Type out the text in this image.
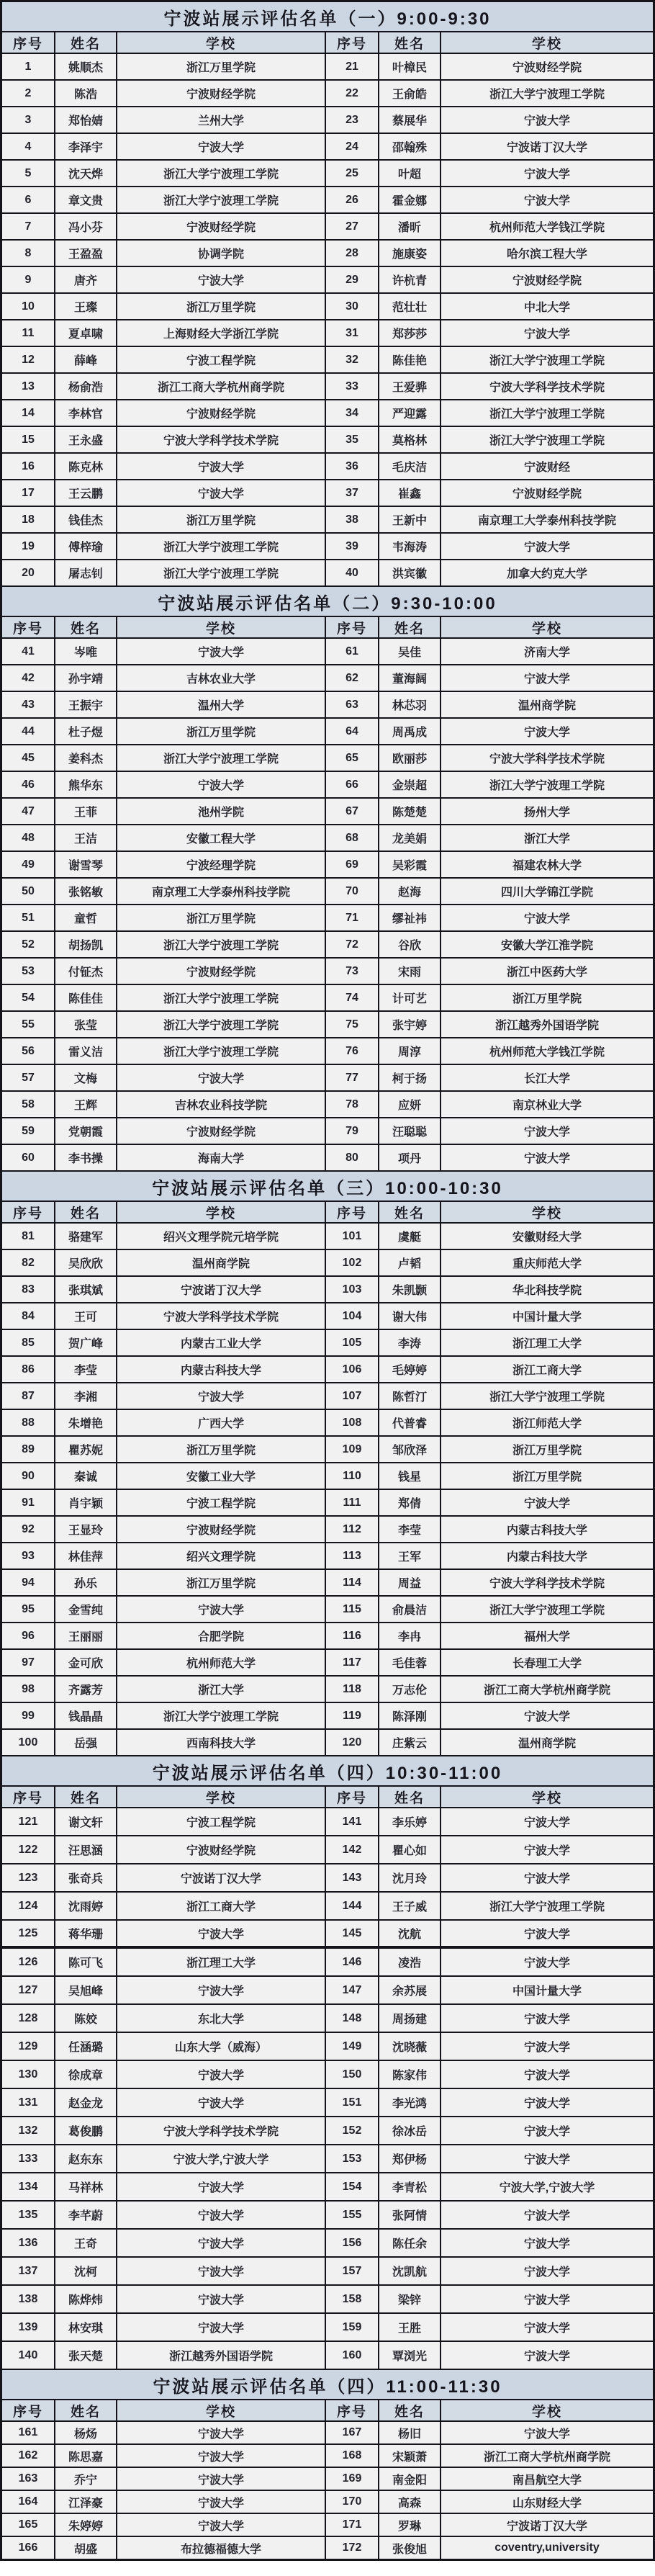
宁波站展示评估名单（一）9:00-9:30
序号	姓名	学校	序号	姓名	学校
1	姚顺杰	浙江万里学院	21	叶樟民	宁波财经学院
2	陈浩	宁波财经学院	22	王俞皓	浙江大学宁波理工学院
3	郑怡婧	兰州大学	23	蔡展华	宁波大学
4	李泽宇	宁波大学	24	邵翰殊	宁波诺丁汉大学
5	沈天烨	浙江大学宁波理工学院	25	叶超	宁波大学
6	章文贵	浙江大学宁波理工学院	26	霍金娜	宁波大学
7	冯小芬	宁波财经学院	27	潘昕	杭州师范大学钱江学院
8	王盈盈	协调学院	28	施康姿	哈尔滨工程大学
9	唐齐	宁波大学	29	许杭青	宁波财经学院
10	王璨	浙江万里学院	30	范壮壮	中北大学
11	夏卓啸	上海财经大学浙江学院	31	郑莎莎	宁波大学
12	薛峰	宁波工程学院	32	陈佳艳	浙江大学宁波理工学院
13	杨俞浩	浙江工商大学杭州商学院	33	王爱骅	宁波大学科学技术学院
14	李林官	宁波财经学院	34	严迎露	浙江大学宁波理工学院
15	王永盛	宁波大学科学技术学院	35	莫格林	浙江大学宁波理工学院
16	陈克林	宁波大学	36	毛庆洁	宁波财经
17	王云鹏	宁波大学	37	崔鑫	宁波财经学院
18	钱佳杰	浙江万里学院	38	王新中	南京理工大学泰州科技学院
19	傅梓瑜	浙江大学宁波理工学院	39	韦海涛	宁波大学
20	屠志钊	浙江大学宁波理工学院	40	洪宾徽	加拿大约克大学
宁波站展示评估名单（二）9:30-10:00
序号	姓名	学校	序号	姓名	学校
41	岑唯	宁波大学	61	吴佳	济南大学
42	孙宇靖	吉林农业大学	62	董海阔	宁波大学
43	王振宇	温州大学	63	林芯羽	温州商学院
44	杜子煜	浙江万里学院	64	周禹成	宁波大学
45	姜科杰	浙江大学宁波理工学院	65	欧丽莎	宁波大学科学技术学院
46	熊华东	宁波大学	66	金崇超	浙江大学宁波理工学院
47	王菲	池州学院	67	陈楚楚	扬州大学
48	王洁	安徽工程大学	68	龙美娟	浙江大学
49	谢雪琴	宁波经理学院	69	吴彩霞	福建农林大学
50	张铭敏	南京理工大学泰州科技学院	70	赵海	四川大学锦江学院
51	童哲	浙江万里学院	71	缪祉祎	宁波大学
52	胡扬凯	浙江大学宁波理工学院	72	谷欣	安徽大学江淮学院
53	付钲杰	宁波财经学院	73	宋雨	浙江中医药大学
54	陈佳佳	浙江大学宁波理工学院	74	计可艺	浙江万里学院
55	张莹	浙江大学宁波理工学院	75	张宇婷	浙江越秀外国语学院
56	雷义洁	浙江大学宁波理工学院	76	周淳	杭州师范大学钱江学院
57	文梅	宁波大学	77	柯于扬	长江大学
58	王辉	吉林农业科技学院	78	应妍	南京林业大学
59	党朝霞	宁波财经学院	79	汪聪聪	宁波大学
60	李书操	海南大学	80	项丹	宁波大学
宁波站展示评估名单（三）10:00-10:30
序号	姓名	学校	序号	姓名	学校
81	骆建军	绍兴文理学院元培学院	101	虞艇	安徽财经大学
82	吴欣欣	温州商学院	102	卢韬	重庆师范大学
83	张琪斌	宁波诺丁汉大学	103	朱凯颢	华北科技学院
84	王可	宁波大学科学技术学院	104	谢大伟	中国计量大学
85	贺广峰	内蒙古工业大学	105	李涛	浙江理工大学
86	李莹	内蒙古科技大学	106	毛婷婷	浙江工商大学
87	李湘	宁波大学	107	陈哲汀	浙江大学宁波理工学院
88	朱增艳	广西大学	108	代普睿	浙江师范大学
89	瞿苏妮	浙江万里学院	109	邹欣泽	浙江万里学院
90	秦诚	安徽工业大学	110	钱星	浙江万里学院
91	肖宇颖	宁波工程学院	111	郑倩	宁波大学
92	王显玲	宁波财经学院	112	李莹	内蒙古科技大学
93	林佳萍	绍兴文理学院	113	王军	内蒙古科技大学
94	孙乐	浙江万里学院	114	周益	宁波大学科学技术学院
95	金雪纯	宁波大学	115	俞晨洁	浙江大学宁波理工学院
96	王丽丽	合肥学院	116	李冉	福州大学
97	金可欣	杭州师范大学	117	毛佳蓉	长春理工大学
98	齐露芳	浙江大学	118	万志伦	浙江工商大学杭州商学院
99	钱晶晶	浙江大学宁波理工学院	119	陈泽刚	宁波大学
100	岳强	西南科技大学	120	庄紫云	温州商学院
宁波站展示评估名单（四）10:30-11:00
序号	姓名	学校	序号	姓名	学校
121	谢文轩	宁波工程学院	141	李乐婷	宁波大学
122	汪思涵	宁波财经学院	142	瞿心如	宁波大学
123	张奇兵	宁波诺丁汉大学	143	沈月玲	宁波大学
124	沈雨婷	浙江工商大学	144	王子威	浙江大学宁波理工学院
125	蒋华珊	宁波大学	145	沈航	宁波大学
126	陈可飞	浙江理工大学	146	凌浩	宁波大学
127	吴旭峰	宁波大学	147	余苏展	中国计量大学
128	陈姣	东北大学	148	周扬建	宁波大学
129	任涵璐	山东大学（威海）	149	沈晓薇	宁波大学
130	徐成章	宁波大学	150	陈家伟	宁波大学
131	赵金龙	宁波大学	151	李光鸿	宁波大学
132	葛俊鹏	宁波大学科学技术学院	152	徐冰岳	宁波大学
133	赵东东	宁波大学,宁波大学	153	郑伊杨	宁波大学
134	马祥林	宁波大学	154	李青松	宁波大学,宁波大学
135	李芊蔚	宁波大学	155	张阿情	宁波大学
136	王奇	宁波大学	156	陈任余	宁波大学
137	沈柯	宁波大学	157	沈凯航	宁波大学
138	陈烨炜	宁波大学	158	梁锌	宁波大学
139	林安琪	宁波大学	159	王胜	宁波大学
140	张天楚	浙江越秀外国语学院	160	覃浏光	宁波大学
宁波站展示评估名单（四）11:00-11:30
序号	姓名	学校	序号	姓名	学校
161	杨炀	宁波大学	167	杨旧	宁波大学
162	陈思嘉	宁波大学	168	宋颖萧	浙江工商大学杭州商学院
163	乔宁	宁波大学	169	南金阳	南昌航空大学
164	江泽豪	宁波大学	170	高森	山东财经大学
165	朱婷婷	宁波大学	171	罗琳	宁波诺丁汉大学
166	胡盛	布拉德福德大学	172	张俊旭	coventry,university
